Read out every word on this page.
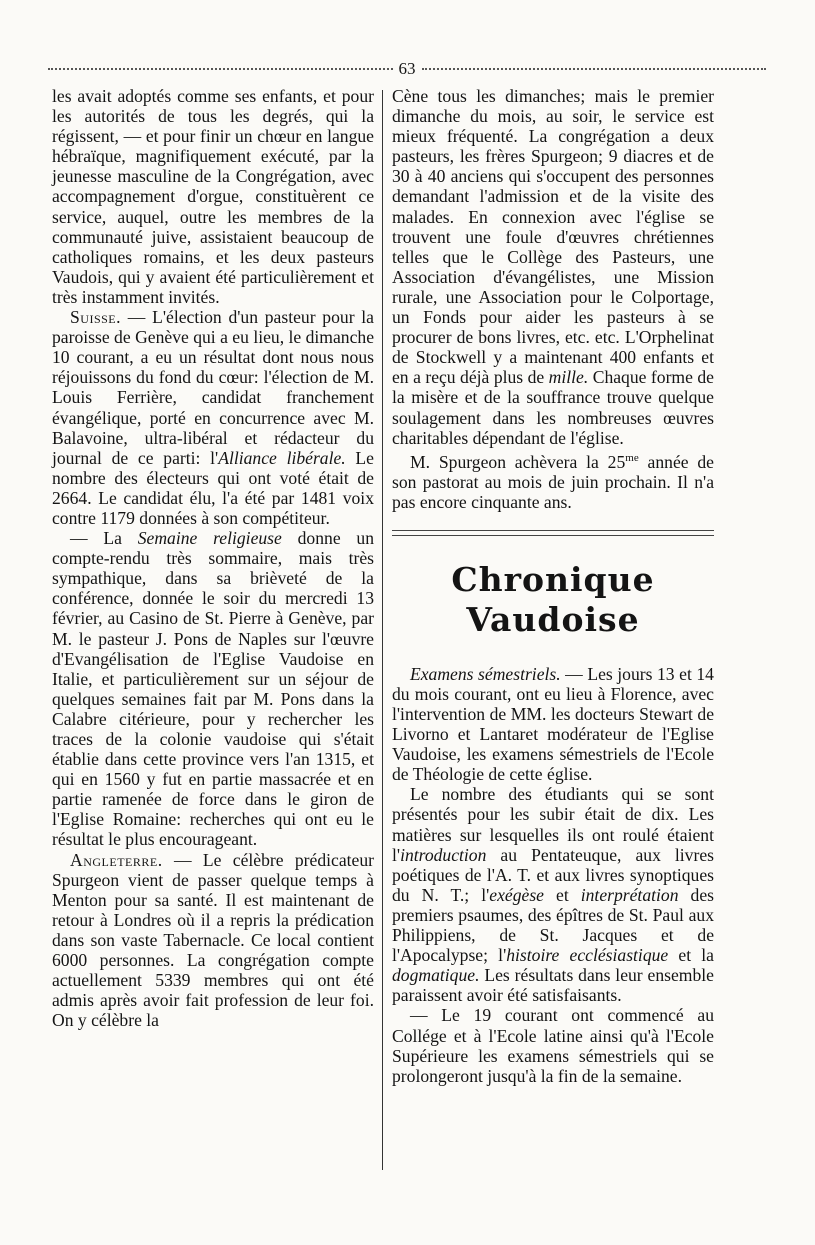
63

les avait adoptés comme ses enfants, et pour les autorités de tous les degrés, qui la régissent, — et pour finir un chœur en langue hébraïque, magnifiquement exécuté, par la jeunesse masculine de la Congrégation, avec accompagnement d'orgue, constituèrent ce service, auquel, outre les membres de la communauté juive, assistaient beaucoup de catholiques romains, et les deux pasteurs Vaudois, qui y avaient été particulièrement et très instamment invités.

Suisse. — L'élection d'un pasteur pour la paroisse de Genève qui a eu lieu, le dimanche 10 courant, a eu un résultat dont nous nous réjouissons du fond du cœur: l'élection de M. Louis Ferrière, candidat franchement évangélique, porté en concurrence avec M. Balavoine, ultra-libéral et rédacteur du journal de ce parti: l'Alliance libérale. Le nombre des électeurs qui ont voté était de 2664. Le candidat élu, l'a été par 1481 voix contre 1179 données à son compétiteur.

— La Semaine religieuse donne un compte-rendu très sommaire, mais très sympathique, dans sa brièveté de la conférence, donnée le soir du mercredi 13 février, au Casino de St. Pierre à Genève, par M. le pasteur J. Pons de Naples sur l'œuvre d'Evangélisation de l'Eglise Vaudoise en Italie, et particulièrement sur un séjour de quelques semaines fait par M. Pons dans la Calabre citérieure, pour y rechercher les traces de la colonie vaudoise qui s'était établie dans cette province vers l'an 1315, et qui en 1560 y fut en partie massacrée et en partie ramenée de force dans le giron de l'Eglise Romaine: recherches qui ont eu le résultat le plus encourageant.

Angleterre. — Le célèbre prédicateur Spurgeon vient de passer quelque temps à Menton pour sa santé. Il est maintenant de retour à Londres où il a repris la prédication dans son vaste Tabernacle. Ce local contient 6000 personnes. La congrégation compte actuellement 5339 membres qui ont été admis après avoir fait profession de leur foi. On y célèbre la

Cène tous les dimanches; mais le premier dimanche du mois, au soir, le service est mieux fréquenté. La congrégation a deux pasteurs, les frères Spurgeon; 9 diacres et de 30 à 40 anciens qui s'occupent des personnes demandant l'admission et de la visite des malades. En connexion avec l'église se trouvent une foule d'œuvres chrétiennes telles que le Collège des Pasteurs, une Association d'évangélistes, une Mission rurale, une Association pour le Colportage, un Fonds pour aider les pasteurs à se procurer de bons livres, etc. etc. L'Orphelinat de Stockwell y a maintenant 400 enfants et en a reçu déjà plus de mille. Chaque forme de la misère et de la souffrance trouve quelque soulagement dans les nombreuses œuvres charitables dépendant de l'église.

M. Spurgeon achèvera la $25^{me}$ année de son pastorat au mois de juin prochain. Il n'a pas encore cinquante ans.

Chronique Vaudoise

Examens sémestriels. — Les jours 13 et 14 du mois courant, ont eu lieu à Florence, avec l'intervention de MM. les docteurs Stewart de Livorno et Lantaret modérateur de l'Eglise Vaudoise, les examens sémestriels de l'Ecole de Théologie de cette église.

Le nombre des étudiants qui se sont présentés pour les subir était de dix. Les matières sur lesquelles ils ont roulé étaient l'introduction au Pentateuque, aux livres poétiques de l'A. T. et aux livres synoptiques du N. T.; l'exégèse et interprétation des premiers psaumes, des épîtres de St. Paul aux Philippiens, de St. Jacques et de l'Apocalypse; l'histoire ecclésiastique et la dogmatique. Les résultats dans leur ensemble paraissent avoir été satisfaisants.

— Le 19 courant ont commencé au Collége et à l'Ecole latine ainsi qu'à l'Ecole Supérieure les examens sémestriels qui se prolongeront jusqu'à la fin de la semaine.
